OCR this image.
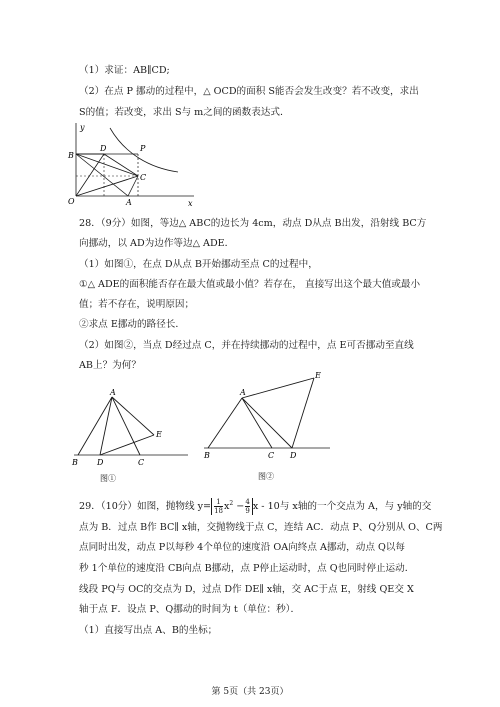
（1）求证：AB∥CD;
（2）在点 P 挪动的过程中，△ OCD的面积 S能否会发生改变？若不改变，求出
S的值；若改变，求出 S与 m之间的函数表达式．
y
x
B
D	P
C
O	A
28．（9分）如图，等边△ ABC的边长为 4cm，动点 D从点 B出发，沿射线 BC方
向挪动，以 AD为边作等边△ ADE．
（1）如图①，在点 D从点 B开始挪动至点 C的过程中，
①△ ADE的面积能否存在最大值或最小值？若存在， 直接写出这个最大值或最小
值；若不存在，说明原因；
②求点 E挪动的路径长．
（2）如图②，当点 D经过点 C，并在持续挪动的过程中，点 E可否挪动至直线
AB上？为何？
A
E
B D	C
图①
A
E
B	C D
图②
29．（10分）如图，抛物线 $y= \frac{1}{18} x^2 - \frac{4}{9}$ x - 10与 x轴的一个交点为 A，与 y轴的交
点为 B．过点 B作 BC∥ x轴，交抛物线于点 C，连结 AC．动点 P、Q分别从 O、C两
点同时出发，动点 P以每秒 4个单位的速度沿 OA向终点 A挪动，动点 Q以每
秒 1个单位的速度沿 CB向点 B挪动，点 P停止运动时，点 Q也同时停止运动．
线段 PQ与 OC的交点为 D，过点 D作 DE∥ x轴，交 AC于点 E，射线 QE交 X
轴于点 F．设点 P、Q挪动的时间为 t（单位：秒）．
（1）直接写出点 A、B的坐标；
第 5页（共 23页）
